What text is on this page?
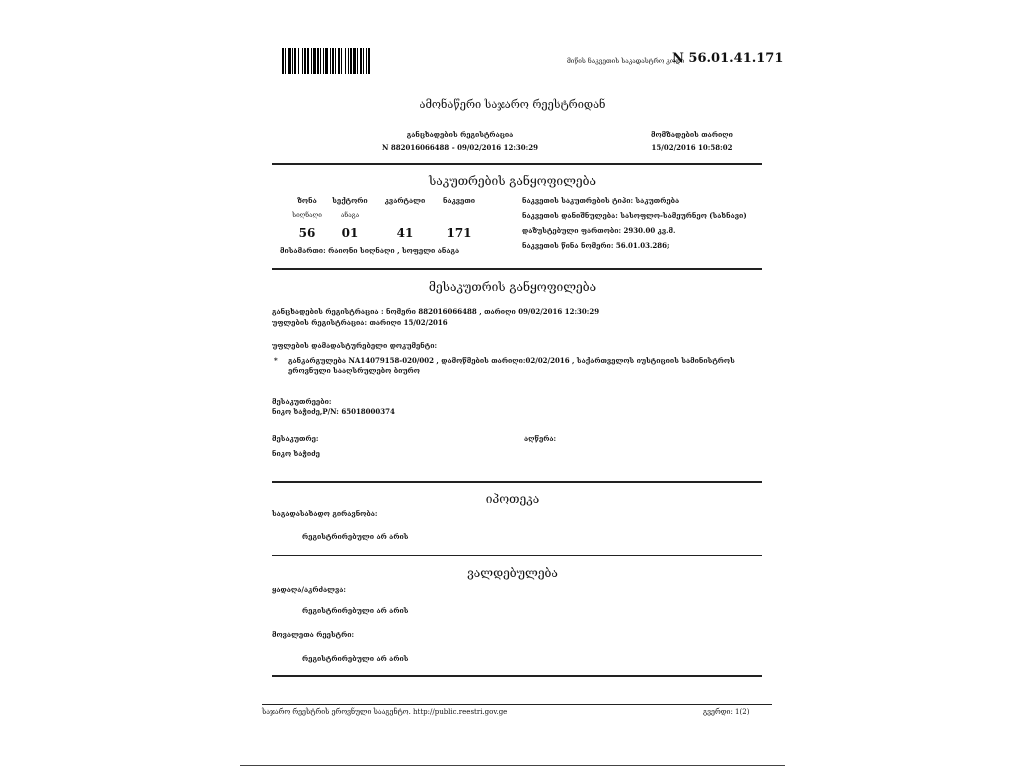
მიწის ნაკვეთის საკადასტრო კოდი
N 56.01.41.171
ამონაწერი საჯარო რეესტრიდან
განცხადების რეგისტრაცია
N 882016066488 - 09/02/2016 12:30:29
მომზადების თარიღი
15/02/2016 10:58:02
საკუთრების განყოფილება
ზონა	სექტორი	კვარტალი	ნაკვეთი
სიღნაღი	ანაგა
56	01	41	171
მისამართი: რაიონი სიღნაღი , სოფელი ანაგა
ნაკვეთის საკუთრების ტიპი: საკუთრება
ნაკვეთის დანიშნულება: სასოფლო-სამეურნეო (სახნავი)
დაზუსტებული ფართობი: 2930.00 კვ.მ.
ნაკვეთის წინა ნომერი: 56.01.03.286;
მესაკუთრის განყოფილება
განცხადების რეგისტრაცია : ნომერი 882016066488 , თარიღი 09/02/2016 12:30:29
უფლების რეგისტრაცია: თარიღი 15/02/2016
უფლების დამადასტურებელი დოკუმენტი:
* განკარგულება NA14079158-020/002 , დამოწმების თარიღი:02/02/2016 , საქართველოს იუსტიციის სამინისტროს
ეროვნული სააღსრულებო ბიურო
მესაკუთრეები:
ნიკო ხაჭიძე,P/N: 65018000374
მესაკუთრე:	აღწერა:
ნიკო ხაჭიძე
იპოთეკა
საგადასახადო გირავნობა:
რეგისტრირებული არ არის
ვალდებულება
ყადაღა/აკრძალვა:
რეგისტრირებული არ არის
მოვალეთა რეესტრი:
რეგისტრირებული არ არის
საჯარო რეესტრის ეროვნული სააგენტო. http://public.reestri.gov.ge	გვერდი: 1(2)
